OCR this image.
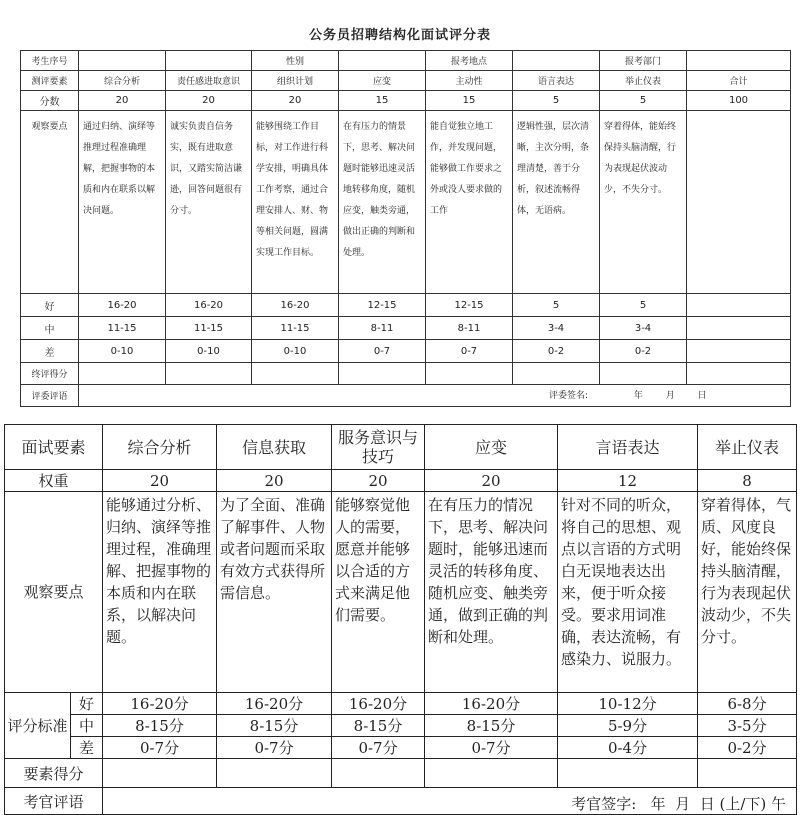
公务员招聘结构化面试评分表
考生序号			性别		报考地点		报考部门	
测评要素	综合分析	责任感进取意识	组织计划	应变	主动性	语言表达	举止仪表	合计
分数	20	20	20	15	15	5	5	100
观察要点	通过归纳、演绎等推理过程准确理解，把握事物的本质和内在联系以解决问题。	诚实负责自信务实，既有进取意识，又踏实简洁谦逊，回答问题很有分寸。	能够围绕工作目标，对工作进行科学安排，明确具体工作考察，通过合理安排人、财、物等相关问题，圆满实现工作目标。	在有压力的情景下，思考、解决问题时能够迅速灵活地转移角度，随机应变，触类旁通，做出正确的判断和处理。	能自觉独立地工作，并发现问题，能够做工作要求之外或没人要求做的工作	逻辑性强，层次清晰，主次分明，条理清楚，善于分析，叙述流畅得体，无语病。	穿着得体，能始终保持头脑清醒，行为表现起伏波动少，不失分寸。	
好	16-20	16-20	16-20	12-15	12-15	5	5	
中	11-15	11-15	11-15	8-11	8-11	3-4	3-4	
差	0-10	0-10	0-10	0-7	0-7	0-2	0-2	
终评得分								
评委评语	评委签名:                年        月        日							
面试要素		综合分析	信息获取	服务意识与技巧	应变	言语表达	举止仪表
权重		20	20	20	20	12	8
观察要点		能够通过分析、归纳、演绎等推理过程，准确理解、把握事物的本质和内在联系，以解决问题。	为了全面、准确了解事件、人物或者问题而采取有效方式获得所需信息。	能够察觉他人的需要，愿意并能够以合适的方式来满足他们需要。	在有压力的情况下，思考、解决问题时，能够迅速而灵活的转移角度、随机应变、触类旁通，做到正确的判断和处理。	针对不同的听众，将自己的思想、观点以言语的方式明白无误地表达出来，便于听众接受。要求用词准确，表达流畅，有感染力、说服力。	穿着得体，气质、风度良好，能始终保持头脑清醒，行为表现起伏波动少，不失分寸。
评分标准	好	16-20分	16-20分	16-20分	16-20分	10-12分	6-8分
	中	8-15分	8-15分	8-15分	8-15分	5-9分	3-5分
	差	0-7分	0-7分	0-7分	0-7分	0-4分	0-2分
要素得分							
考官评语		考官签字:   年  月  日 (上/下) 午					
